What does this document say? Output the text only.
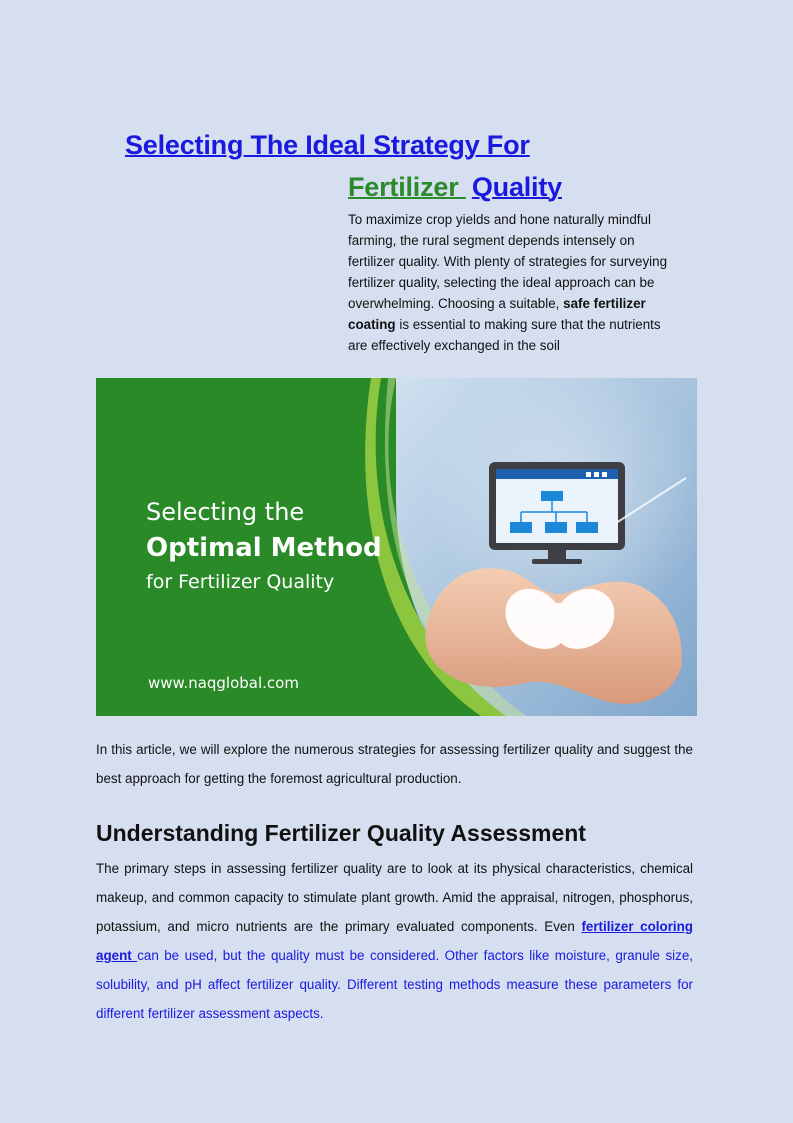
Selecting The Ideal Strategy For
Fertilizer Quality
To maximize crop yields and hone naturally mindful farming, the rural segment depends intensely on fertilizer quality. With plenty of strategies for surveying fertilizer quality, selecting the ideal approach can be overwhelming. Choosing a suitable, safe fertilizer coating is essential to making sure that the nutrients are effectively exchanged in the soil
Selecting the
Optimal Method
for Fertilizer Quality
www.naqglobal.com

In this article, we will explore the numerous strategies for assessing fertilizer quality and suggest the best approach for getting the foremost agricultural production.

Understanding Fertilizer Quality Assessment

The primary steps in assessing fertilizer quality are to look at its physical characteristics, chemical makeup, and common capacity to stimulate plant growth. Amid the appraisal, nitrogen, phosphorus, potassium, and micro nutrients are the primary evaluated components. Even fertilizer coloring agent can be used, but the quality must be considered. Other factors like moisture, granule size, solubility, and pH affect fertilizer quality. Different testing methods measure these parameters for different fertilizer assessment aspects.
